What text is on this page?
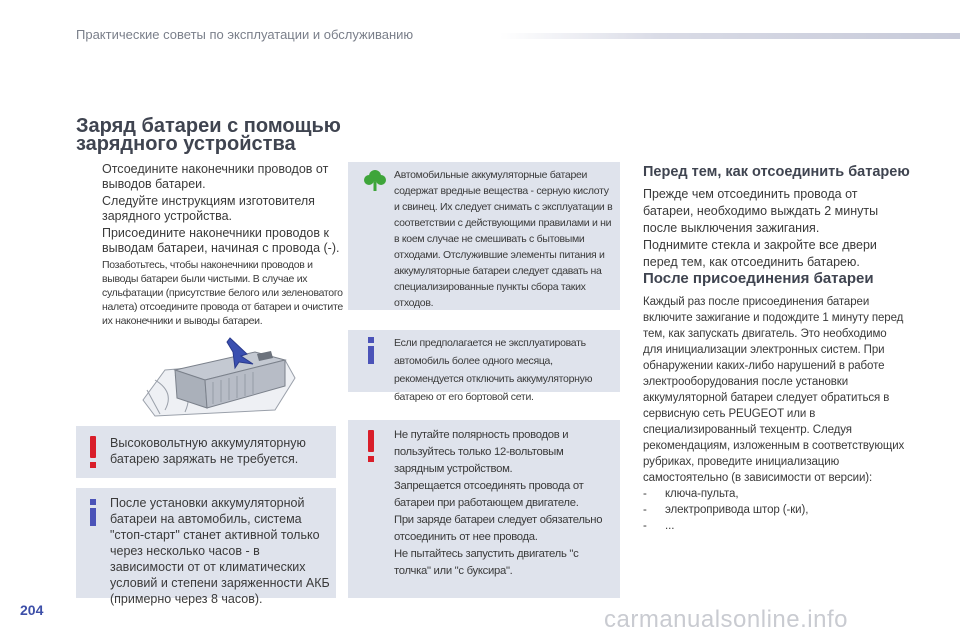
Практические советы по эксплуатации и обслуживанию
Заряд батареи с помощью
зарядного устройства
Отсоедините наконечники проводов от выводов батареи.
Следуйте инструкциям изготовителя зарядного устройства.
Присоедините наконечники проводов к выводам батареи, начиная с провода (-).
Позаботьтесь, чтобы наконечники проводов и выводы батареи были чистыми. В случае их сульфатации (присутствие белого или зеленоватого налета) отсоедините провода от батареи и очистите их наконечники и выводы батареи.

Высоковольтную аккумуляторную батарею заряжать не требуется.

После установки аккумуляторной батареи на автомобиль, система "стоп-старт" станет активной только через несколько часов - в зависимости от от климатических условий и степени заряженности АКБ (примерно через 8 часов).

Автомобильные аккумуляторные батареи содержат вредные вещества - серную кислоту и свинец. Их следует снимать с эксплуатации в соответствии с действующими правилами и ни в коем случае не смешивать с бытовыми отходами. Отслужившие элементы питания и аккумуляторные батареи следует сдавать на специализированные пункты сбора таких отходов.

Если предполагается не эксплуатировать автомобиль более одного месяца, рекомендуется отключить аккумуляторную батарею от его бортовой сети.

Не путайте полярность проводов и пользуйтесь только 12-вольтовым зарядным устройством.

Запрещается отсоединять провода от батареи при работающем двигателе.

При заряде батареи следует обязательно отсоединить от нее провода.

Не пытайтесь запустить двигатель "с толчка" или "с буксира".

Перед тем, как отсоединить батарею

Прежде чем отсоединить провода от батареи, необходимо выждать 2 минуты после выключения зажигания.

Поднимите стекла и закройте все двери перед тем, как отсоединить батарею.

После присоединения батареи

Каждый раз после присоединения батареи включите зажигание и подождите 1 минуту перед тем, как запускать двигатель. Это необходимо для инициализации электронных систем. При обнаружении каких-либо нарушений в работе электрооборудования после установки аккумуляторной батареи следует обратиться в сервисную сеть PEUGEOT или в специализированный техцентр. Следуя рекомендациям, изложенным в соответствующих рубриках, проведите инициализацию самостоятельно (в зависимости от версии):

- ключа-пульта,
- электропривода штор (-ки),
- ...
204	carmanualsonline.info
